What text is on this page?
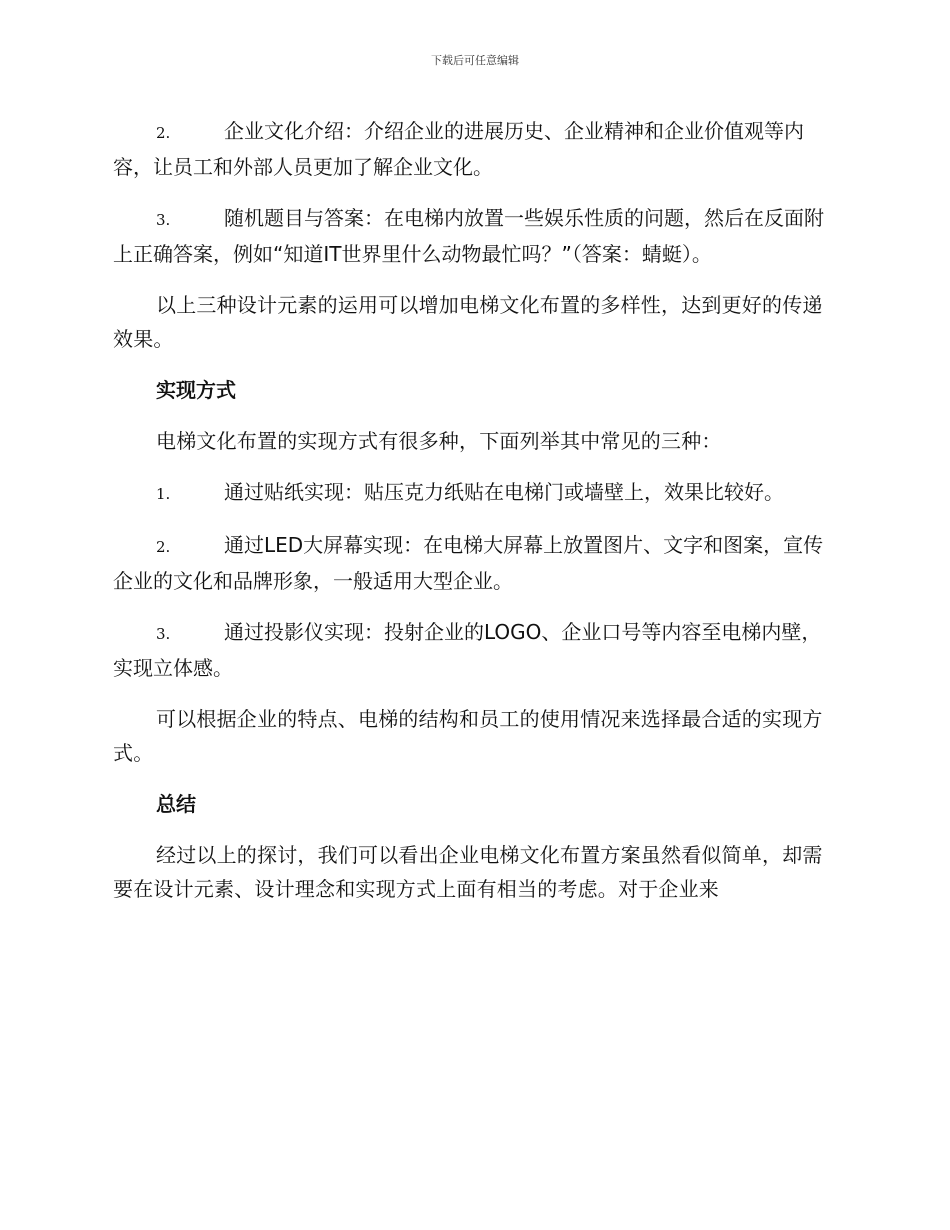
下载后可任意编辑
2.	企业文化介绍：介绍企业的进展历史、企业精神和企业价值观等内容，让员工和外部人员更加了解企业文化。
3.	随机题目与答案：在电梯内放置一些娱乐性质的问题，然后在反面附上正确答案，例如“知道IT世界里什么动物最忙吗？”（答案：蜻蜓）。

以上三种设计元素的运用可以增加电梯文化布置的多样性，达到更好的传递效果。

实现方式

电梯文化布置的实现方式有很多种，下面列举其中常见的三种：

1.	通过贴纸实现：贴压克力纸贴在电梯门或墙壁上，效果比较好。
2.	通过LED大屏幕实现：在电梯大屏幕上放置图片、文字和图案，宣传企业的文化和品牌形象，一般适用大型企业。
3.	通过投影仪实现：投射企业的LOGO、企业口号等内容至电梯内壁，实现立体感。

可以根据企业的特点、电梯的结构和员工的使用情况来选择最合适的实现方式。

总结

经过以上的探讨，我们可以看出企业电梯文化布置方案虽然看似简单，却需要在设计元素、设计理念和实现方式上面有相当的考虑。对于企业来
